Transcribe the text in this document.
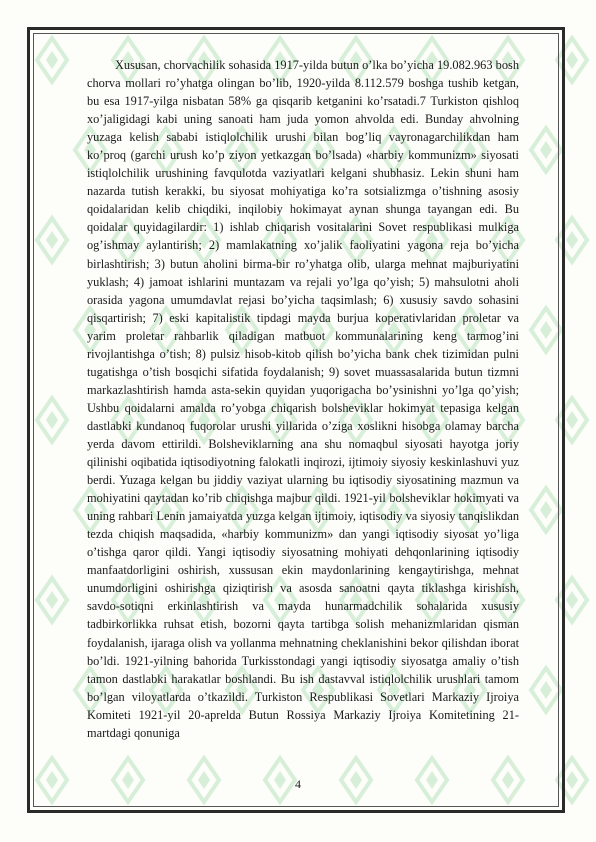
Xususan, chorvachilik sohasida 1917-yilda butun o’lka bo’yicha 19.082.963 bosh chorva mollari ro’yhatga olingan bo’lib, 1920-yilda 8.112.579 boshga tushib ketgan, bu esa 1917-yilga nisbatan 58% ga qisqarib ketganini ko’rsatadi.7 Turkiston qishloq xo’jaligidagi kabi uning sanoati ham juda yomon ahvolda edi. Bunday ahvolning yuzaga kelish sababi istiqlolchilik urushi bilan bog’liq vayronagarchilikdan ham ko’proq (garchi urush ko’p ziyon yetkazgan bo’lsada) «harbiy kommunizm» siyosati istiqlolchilik urushining favqulotda vaziyatlari kelgani shubhasiz. Lekin shuni ham nazarda tutish kerakki, bu siyosat mohiyatiga ko’ra sotsializmga o’tishning asosiy qoidalaridan kelib chiqdiki, inqilobiy hokimayat aynan shunga tayangan edi. Bu qoidalar quyidagilardir: 1) ishlab chiqarish vositalarini Sovet respublikasi mulkiga og’ishmay aylantirish; 2) mamlakatning xo’jalik faoliyatini yagona reja bo’yicha birlashtirish; 3) butun aholini birma-bir ro’yhatga olib, ularga mehnat majburiyatini yuklash; 4) jamoat ishlarini muntazam va rejali yo’lga qo’yish; 5) mahsulotni aholi orasida yagona umumdavlat rejasi bo’yicha taqsimlash; 6) xususiy savdo sohasini qisqartirish; 7) eski kapitalistik tipdagi mayda burjua koperativlaridan proletar va yarim proletar rahbarlik qiladigan matbuot kommunalarining keng tarmog’ini rivojlantishga o’tish; 8) pulsiz hisob-kitob qilish bo’yicha bank chek tizimidan pulni tugatishga o’tish bosqichi sifatida foydalanish; 9) sovet muassasalarida butun tizmni markazlashtirish hamda asta-sekin quyidan yuqorigacha bo’ysinishni yo’lga qo’yish; Ushbu qoidalarni amalda ro’yobga chiqarish bolsheviklar hokimyat tepasiga kelgan dastlabki kundanoq fuqorolar urushi yillarida o’ziga xoslikni hisobga olamay barcha yerda davom ettirildi. Bolsheviklarning ana shu nomaqbul siyosati hayotga joriy qilinishi oqibatida iqtisodiyotning falokatli inqirozi, ijtimoiy siyosiy keskinlashuvi yuz berdi. Yuzaga kelgan bu jiddiy vaziyat ularning bu iqtisodiy siyosatining mazmun va mohiyatini qaytadan ko’rib chiqishga majbur qildi. 1921-yil bolsheviklar hokimyati va uning rahbari Lenin jamaiyatda yuzga kelgan ijtimoiy, iqtisodiy va siyosiy tanqislikdan tezda chiqish maqsadida, «harbiy kommunizm» dan yangi iqtisodiy siyosat yo’liga o’tishga qaror qildi. Yangi iqtisodiy siyosatning mohiyati dehqonlarining iqtisodiy manfaatdorligini oshirish, xussusan ekin maydonlarining kengaytirishga, mehnat unumdorligini oshirishga qiziqtirish va asosda sanoatni qayta tiklashga kirishish, savdo-sotiqni erkinlashtirish va mayda hunarmadchilik sohalarida xususiy tadbirkorlikka ruhsat etish, bozorni qayta tartibga solish mehanizmlaridan qisman foydalanish, ijaraga olish va yollanma mehnatning cheklanishini bekor qilishdan iborat bo’ldi. 1921-yilning bahorida Turkisstondagi yangi iqtisodiy siyosatga amaliy o’tish tamon dastlabki harakatlar boshlandi. Bu ish dastavval istiqlolchilik urushlari tamom bo’lgan viloyatlarda o’tkazildi. Turkiston Respublikasi Sovetlari Markaziy Ijroiya Komiteti 1921-yil 20-aprelda Butun Rossiya Markaziy Ijroiya Komitetining 21- martdagi qonuniga

4
